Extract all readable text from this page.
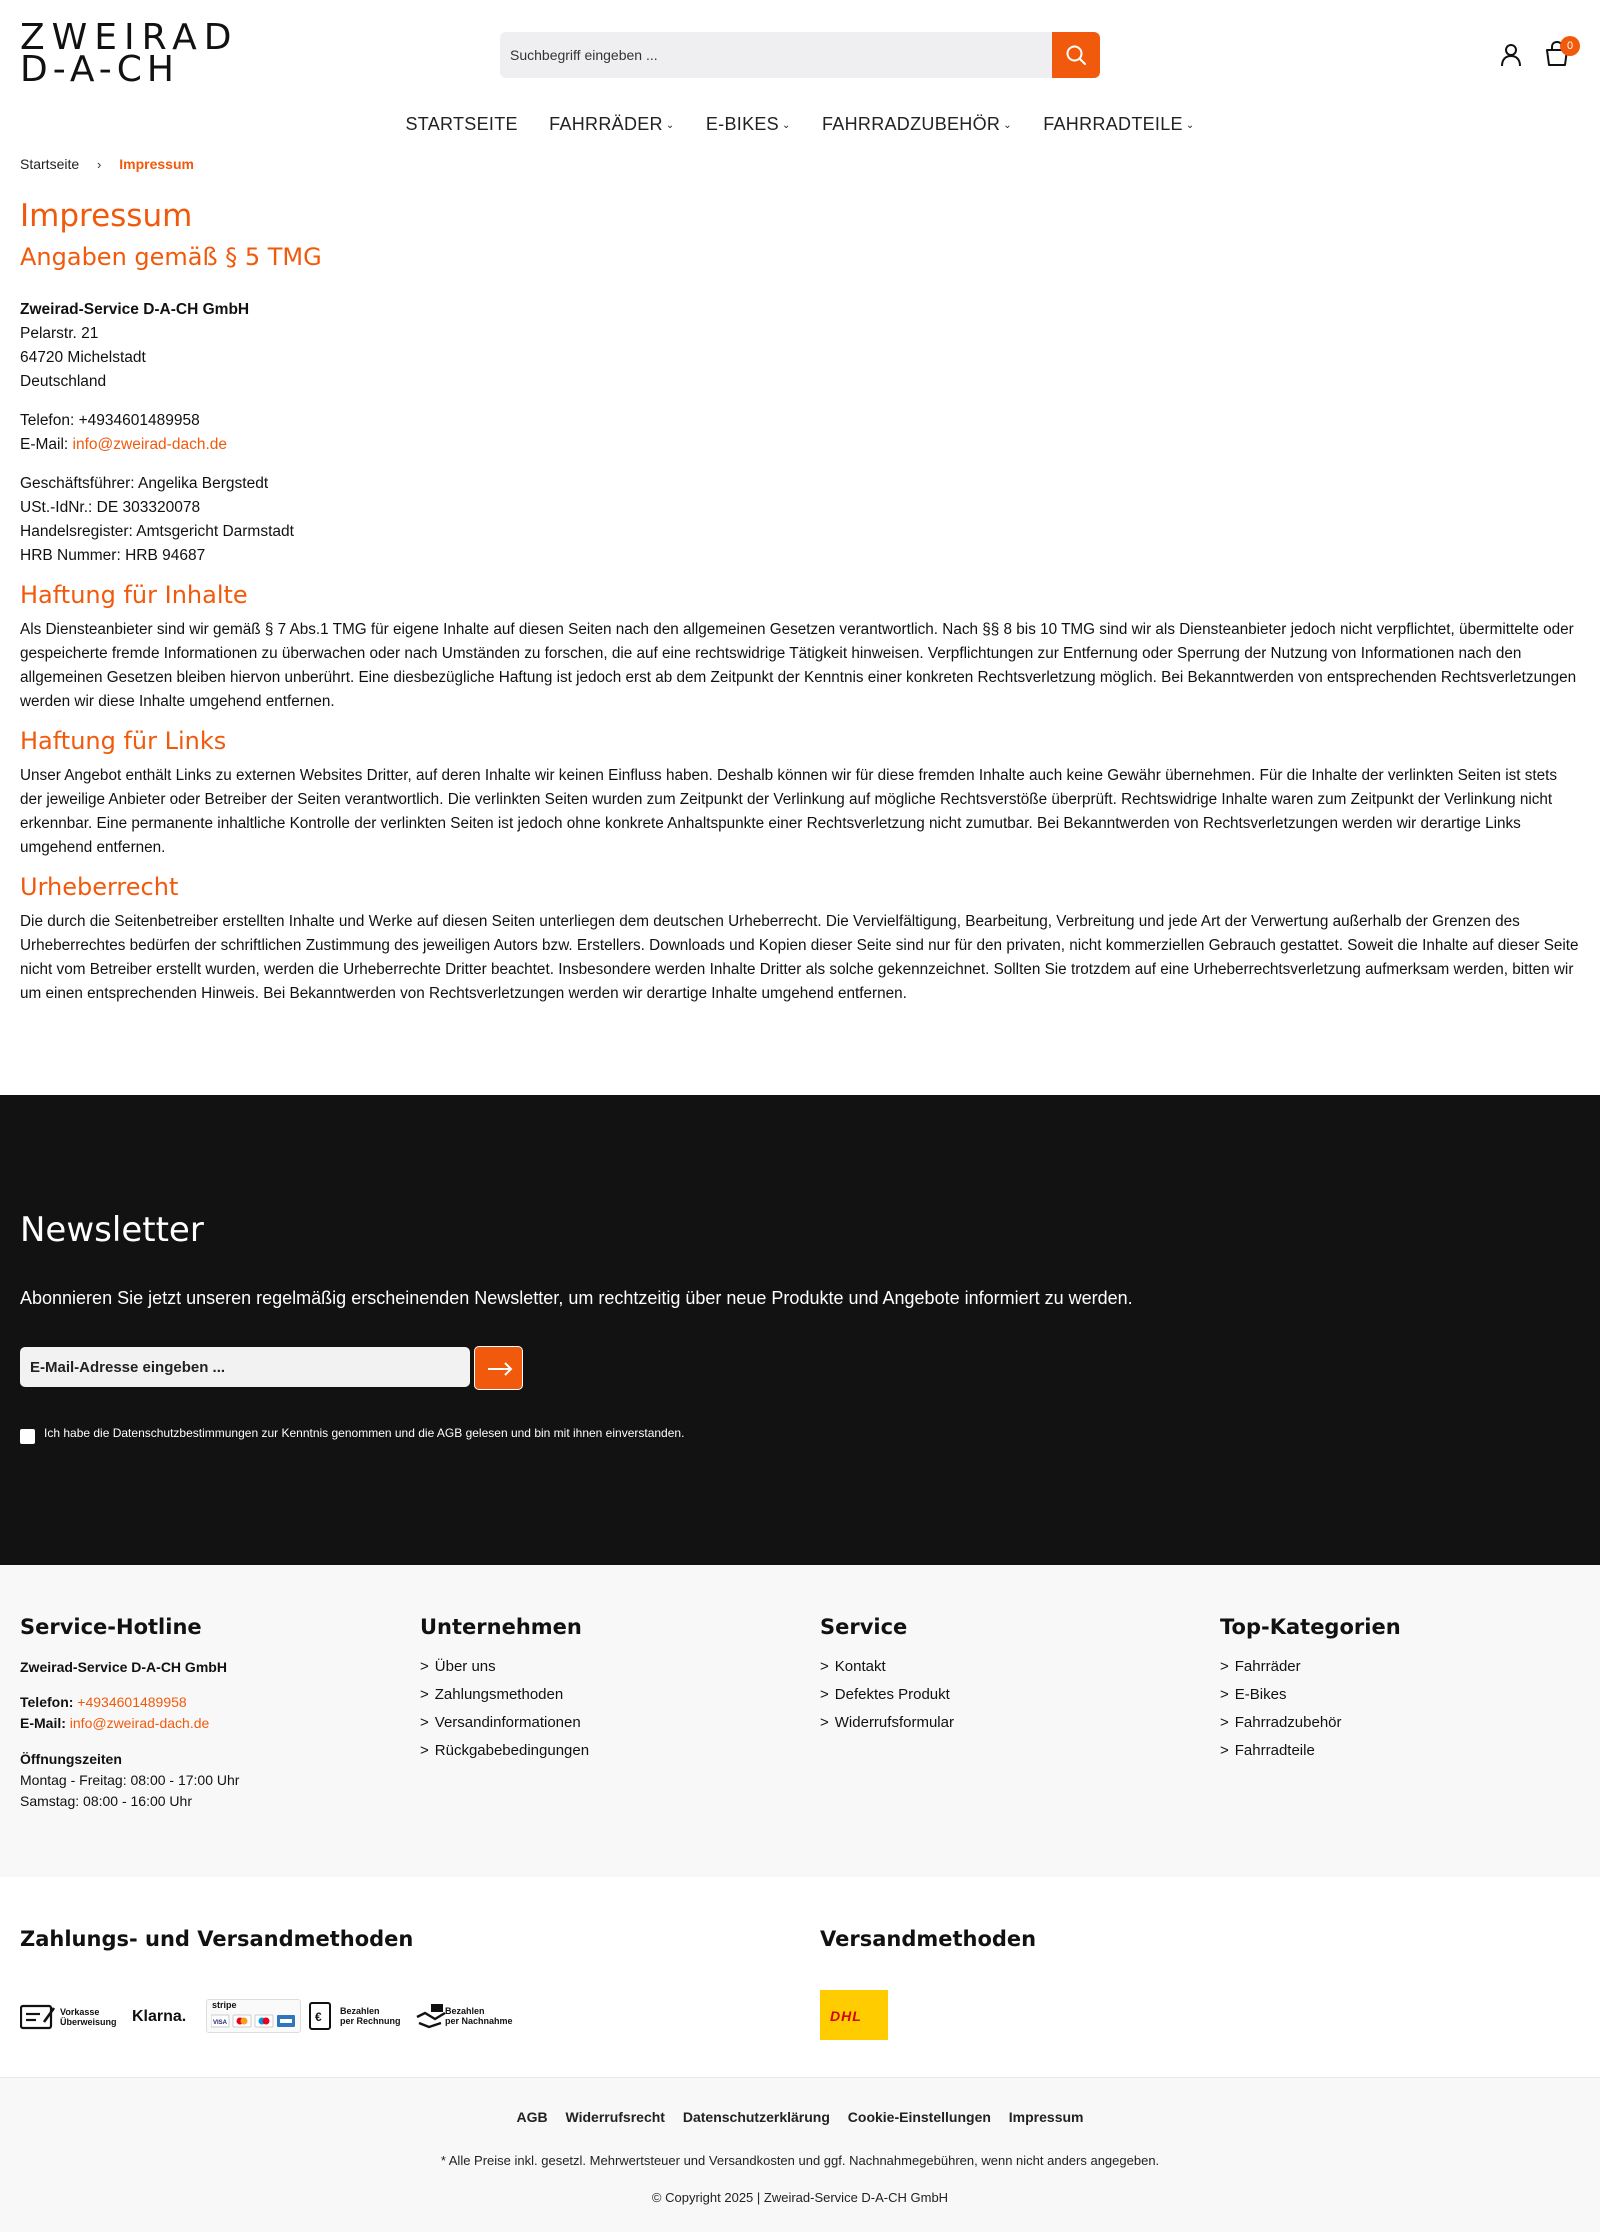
ZWEIRAD
D-A-CH
Suchbegriff eingeben ...
0
STARTSEITE FAHRRÄDER ⌄ E-BIKES ⌄ FAHRRADZUBEHÖR ⌄ FAHRRADTEILE ⌄
Startseite › Impressum
Impressum
Angaben gemäß § 5 TMG
Zweirad-Service D-A-CH GmbH
Pelarstr. 21
64720 Michelstadt
Deutschland
Telefon: +4934601489958
E-Mail: info@zweirad-dach.de
Geschäftsführer: Angelika Bergstedt
USt.-IdNr.: DE 303320078
Handelsregister: Amtsgericht Darmstadt
HRB Nummer: HRB 94687
Haftung für Inhalte

Als Diensteanbieter sind wir gemäß § 7 Abs.1 TMG für eigene Inhalte auf diesen Seiten nach den allgemeinen Gesetzen verantwortlich. Nach §§ 8 bis 10 TMG sind wir als Diensteanbieter jedoch nicht verpflichtet, übermittelte oder gespeicherte fremde Informationen zu überwachen oder nach Umständen zu forschen, die auf eine rechtswidrige Tätigkeit hinweisen. Verpflichtungen zur Entfernung oder Sperrung der Nutzung von Informationen nach den allgemeinen Gesetzen bleiben hiervon unberührt. Eine diesbezügliche Haftung ist jedoch erst ab dem Zeitpunkt der Kenntnis einer konkreten Rechtsverletzung möglich. Bei Bekanntwerden von entsprechenden Rechtsverletzungen werden wir diese Inhalte umgehend entfernen.

Haftung für Links

Unser Angebot enthält Links zu externen Websites Dritter, auf deren Inhalte wir keinen Einfluss haben. Deshalb können wir für diese fremden Inhalte auch keine Gewähr übernehmen. Für die Inhalte der verlinkten Seiten ist stets der jeweilige Anbieter oder Betreiber der Seiten verantwortlich. Die verlinkten Seiten wurden zum Zeitpunkt der Verlinkung auf mögliche Rechtsverstöße überprüft. Rechtswidrige Inhalte waren zum Zeitpunkt der Verlinkung nicht erkennbar. Eine permanente inhaltliche Kontrolle der verlinkten Seiten ist jedoch ohne konkrete Anhaltspunkte einer Rechtsverletzung nicht zumutbar. Bei Bekanntwerden von Rechtsverletzungen werden wir derartige Links umgehend entfernen.

Urheberrecht

Die durch die Seitenbetreiber erstellten Inhalte und Werke auf diesen Seiten unterliegen dem deutschen Urheberrecht. Die Vervielfältigung, Bearbeitung, Verbreitung und jede Art der Verwertung außerhalb der Grenzen des Urheberrechtes bedürfen der schriftlichen Zustimmung des jeweiligen Autors bzw. Erstellers. Downloads und Kopien dieser Seite sind nur für den privaten, nicht kommerziellen Gebrauch gestattet. Soweit die Inhalte auf dieser Seite nicht vom Betreiber erstellt wurden, werden die Urheberrechte Dritter beachtet. Insbesondere werden Inhalte Dritter als solche gekennzeichnet. Sollten Sie trotzdem auf eine Urheberrechtsverletzung aufmerksam werden, bitten wir um einen entsprechenden Hinweis. Bei Bekanntwerden von Rechtsverletzungen werden wir derartige Inhalte umgehend entfernen.

Newsletter
Abonnieren Sie jetzt unseren regelmäßig erscheinenden Newsletter, um rechtzeitig über neue Produkte und Angebote informiert zu werden.
E-Mail-Adresse eingeben ...
Ich habe die Datenschutzbestimmungen zur Kenntnis genommen und die AGB gelesen und bin mit ihnen einverstanden.
Service-Hotline
Zweirad-Service D-A-CH GmbH
Telefon: +4934601489958
E-Mail: info@zweirad-dach.de
Öffnungszeiten
Montag - Freitag: 08:00 - 17:00 Uhr
Samstag: 08:00 - 16:00 Uhr
Unternehmen
> Über uns
> Zahlungsmethoden
> Versandinformationen
> Rückgabebedingungen
Service
> Kontakt
> Defektes Produkt
> Widerrufsformular
Top-Kategorien
> Fahrräder
> E-Bikes
> Fahrradzubehör
> Fahrradteile
Zahlungs- und Versandmethoden	Versandmethoden
Vorkasse
Überweisung Klarna.
stripe
VISA	€ Bezahlen
per Rechnung
Bezahlen
per Nachnahme	DHL
AGB Widerrufsrecht Datenschutzerklärung Cookie-Einstellungen Impressum
* Alle Preise inkl. gesetzl. Mehrwertsteuer und Versandkosten und ggf. Nachnahmegebühren, wenn nicht anders angegeben.
© Copyright 2025 | Zweirad-Service D-A-CH GmbH
